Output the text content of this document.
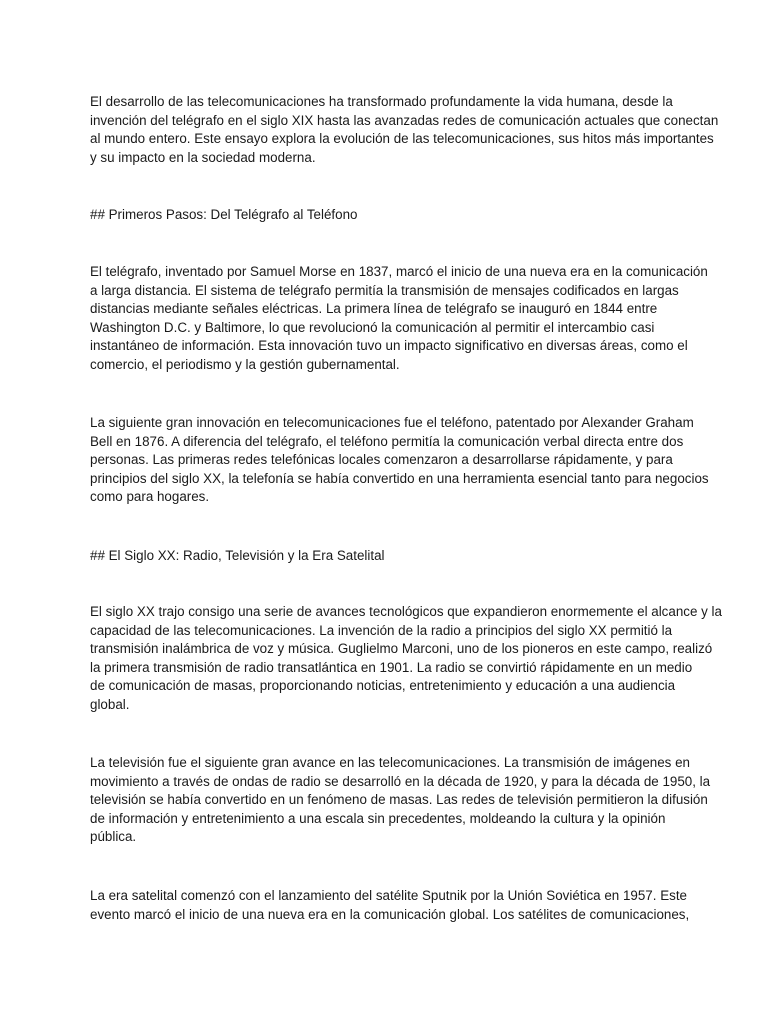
El desarrollo de las telecomunicaciones ha transformado profundamente la vida humana, desde la
invención del telégrafo en el siglo XIX hasta las avanzadas redes de comunicación actuales que conectan
al mundo entero. Este ensayo explora la evolución de las telecomunicaciones, sus hitos más importantes
y su impacto en la sociedad moderna.
## Primeros Pasos: Del Telégrafo al Teléfono
El telégrafo, inventado por Samuel Morse en 1837, marcó el inicio de una nueva era en la comunicación
a larga distancia. El sistema de telégrafo permitía la transmisión de mensajes codificados en largas
distancias mediante señales eléctricas. La primera línea de telégrafo se inauguró en 1844 entre
Washington D.C. y Baltimore, lo que revolucionó la comunicación al permitir el intercambio casi
instantáneo de información. Esta innovación tuvo un impacto significativo en diversas áreas, como el
comercio, el periodismo y la gestión gubernamental.
La siguiente gran innovación en telecomunicaciones fue el teléfono, patentado por Alexander Graham
Bell en 1876. A diferencia del telégrafo, el teléfono permitía la comunicación verbal directa entre dos
personas. Las primeras redes telefónicas locales comenzaron a desarrollarse rápidamente, y para
principios del siglo XX, la telefonía se había convertido en una herramienta esencial tanto para negocios
como para hogares.
## El Siglo XX: Radio, Televisión y la Era Satelital
El siglo XX trajo consigo una serie de avances tecnológicos que expandieron enormemente el alcance y la
capacidad de las telecomunicaciones. La invención de la radio a principios del siglo XX permitió la
transmisión inalámbrica de voz y música. Guglielmo Marconi, uno de los pioneros en este campo, realizó
la primera transmisión de radio transatlántica en 1901. La radio se convirtió rápidamente en un medio
de comunicación de masas, proporcionando noticias, entretenimiento y educación a una audiencia
global.
La televisión fue el siguiente gran avance en las telecomunicaciones. La transmisión de imágenes en
movimiento a través de ondas de radio se desarrolló en la década de 1920, y para la década de 1950, la
televisión se había convertido en un fenómeno de masas. Las redes de televisión permitieron la difusión
de información y entretenimiento a una escala sin precedentes, moldeando la cultura y la opinión
pública.
La era satelital comenzó con el lanzamiento del satélite Sputnik por la Unión Soviética en 1957. Este
evento marcó el inicio de una nueva era en la comunicación global. Los satélites de comunicaciones,
